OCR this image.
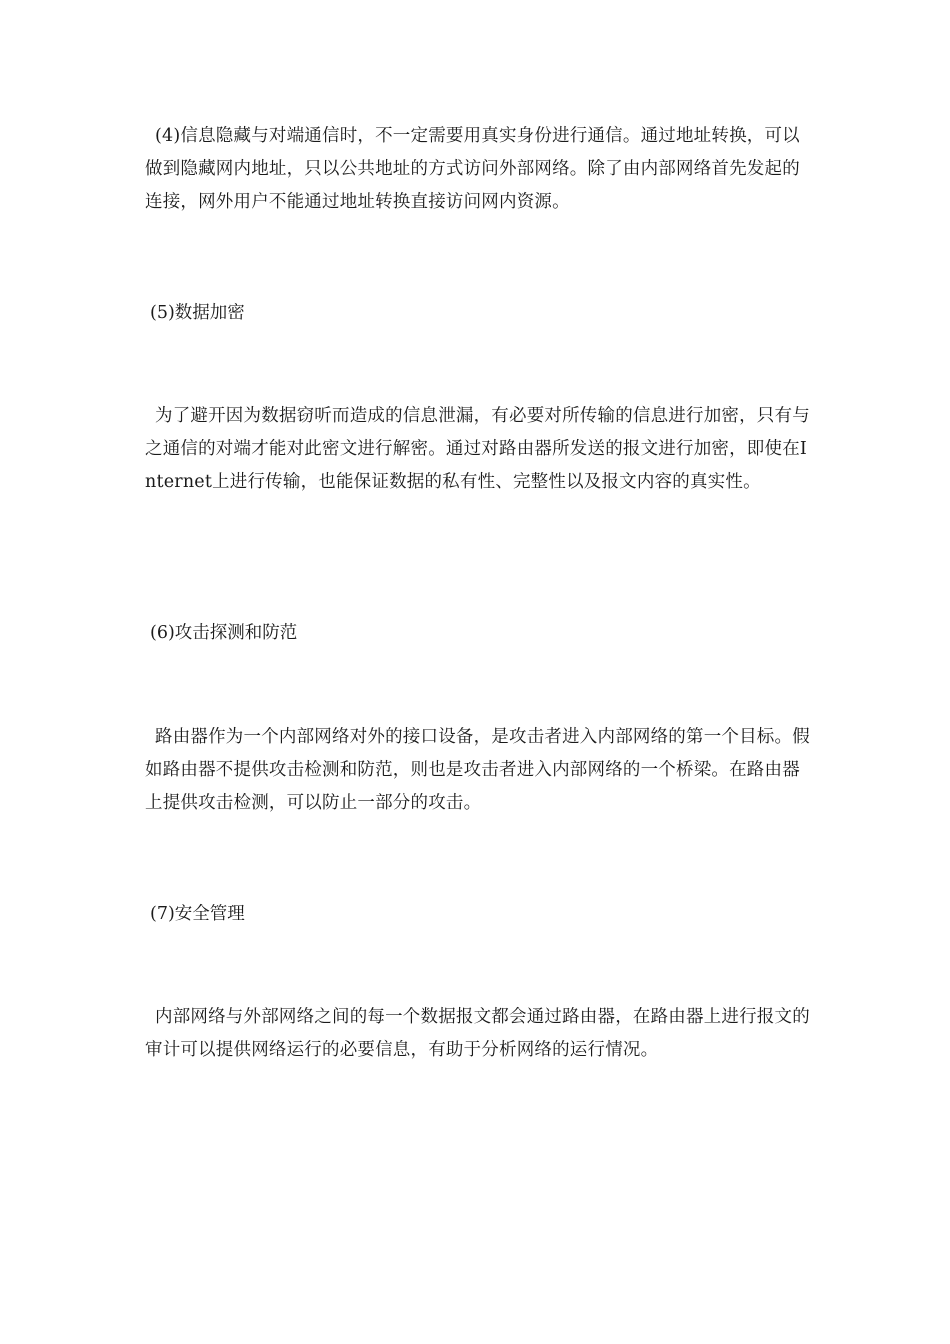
(4)信息隐藏与对端通信时，不一定需要用真实身份进行通信。通过地址转换，可以做到隐藏网内地址，只以公共地址的方式访问外部网络。除了由内部网络首先发起的连接，网外用户不能通过地址转换直接访问网内资源。

(5)数据加密

为了避开因为数据窃听而造成的信息泄漏，有必要对所传输的信息进行加密，只有与之通信的对端才能对此密文进行解密。通过对路由器所发送的报文进行加密，即使在Internet上进行传输，也能保证数据的私有性、完整性以及报文内容的真实性。

(6)攻击探测和防范

路由器作为一个内部网络对外的接口设备，是攻击者进入内部网络的第一个目标。假如路由器不提供攻击检测和防范，则也是攻击者进入内部网络的一个桥梁。在路由器上提供攻击检测，可以防止一部分的攻击。

(7)安全管理

内部网络与外部网络之间的每一个数据报文都会通过路由器，在路由器上进行报文的审计可以提供网络运行的必要信息，有助于分析网络的运行情况。
